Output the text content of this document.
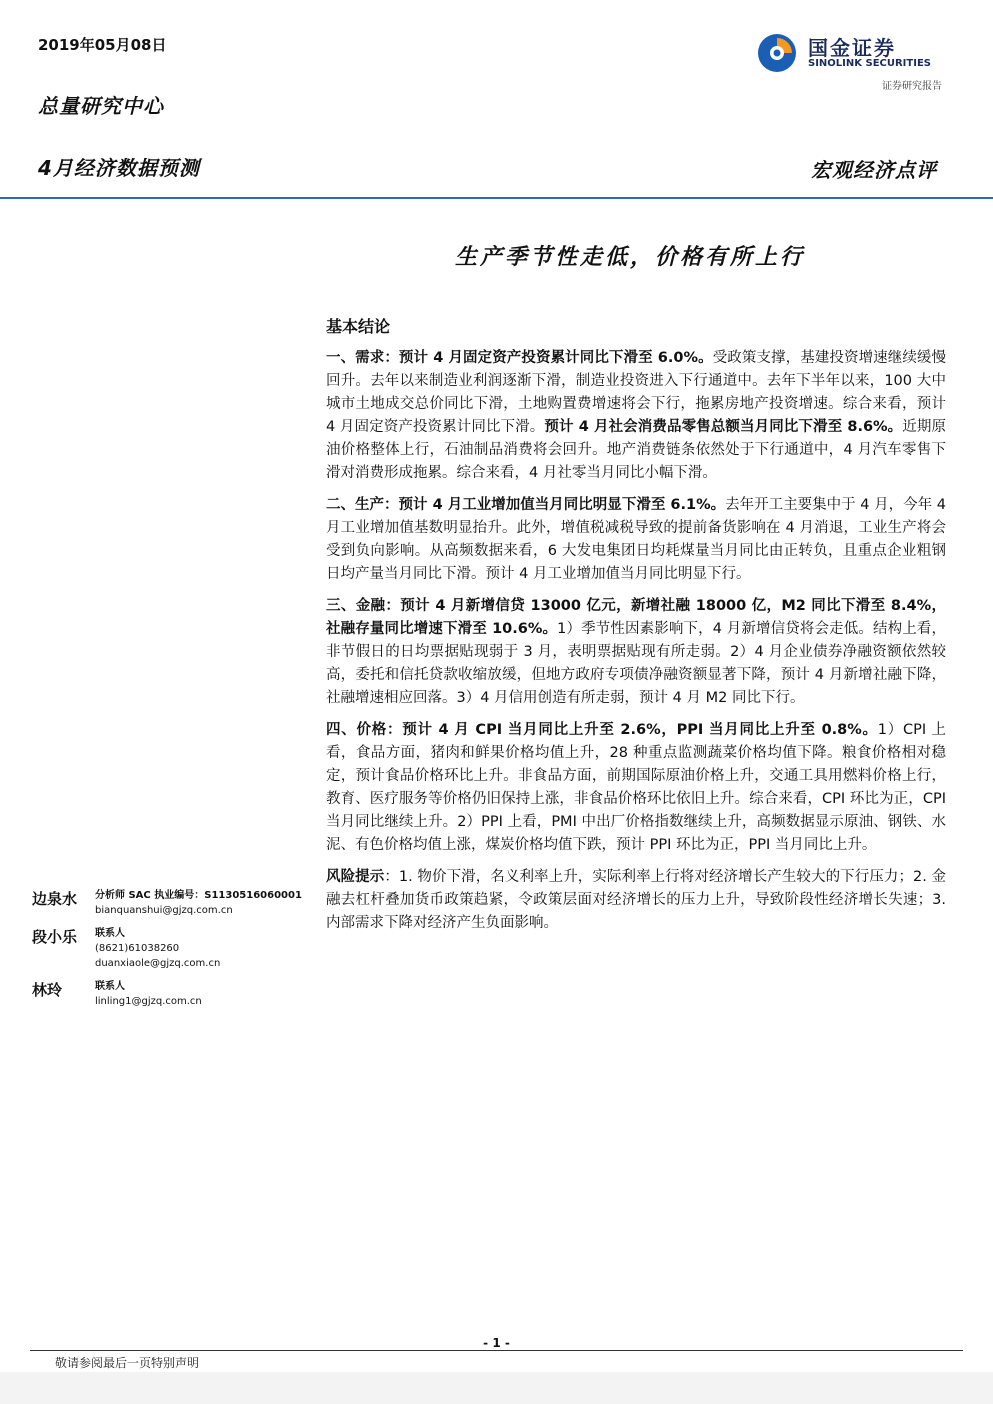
2019年05月08日
总量研究中心
4月经济数据预测	宏观经济点评
国金证券
SINOLINK SECURITIES
证券研究报告
生产季节性走低，价格有所上行
基本结论

一、需求：预计 4 月固定资产投资累计同比下滑至 6.0%。受政策支撑，基建投资增速继续缓慢回升。去年以来制造业利润逐渐下滑，制造业投资进入下行通道中。去年下半年以来，100 大中城市土地成交总价同比下滑，土地购置费增速将会下行，拖累房地产投资增速。综合来看，预计 4 月固定资产投资累计同比下滑。预计 4 月社会消费品零售总额当月同比下滑至 8.6%。近期原油价格整体上行，石油制品消费将会回升。地产消费链条依然处于下行通道中，4 月汽车零售下滑对消费形成拖累。综合来看，4 月社零当月同比小幅下滑。

二、生产：预计 4 月工业增加值当月同比明显下滑至 6.1%。去年开工主要集中于 4 月，今年 4 月工业增加值基数明显抬升。此外，增值税减税导致的提前备货影响在 4 月消退，工业生产将会受到负向影响。从高频数据来看，6 大发电集团日均耗煤量当月同比由正转负，且重点企业粗钢日均产量当月同比下滑。预计 4 月工业增加值当月同比明显下行。

三、金融：预计 4 月新增信贷 13000 亿元，新增社融 18000 亿，M2 同比下滑至 8.4%，社融存量同比增速下滑至 10.6%。1）季节性因素影响下，4 月新增信贷将会走低。结构上看，非节假日的日均票据贴现弱于 3 月，表明票据贴现有所走弱。2）4 月企业债券净融资额依然较高，委托和信托贷款收缩放缓，但地方政府专项债净融资额显著下降，预计 4 月新增社融下降，社融增速相应回落。3）4 月信用创造有所走弱，预计 4 月 M2 同比下行。

四、价格：预计 4 月 CPI 当月同比上升至 2.6%，PPI 当月同比上升至 0.8%。1）CPI 上看，食品方面，猪肉和鲜果价格均值上升，28 种重点监测蔬菜价格均值下降。粮食价格相对稳定，预计食品价格环比上升。非食品方面，前期国际原油价格上升，交通工具用燃料价格上行，教育、医疗服务等价格仍旧保持上涨，非食品价格环比依旧上升。综合来看，CPI 环比为正，CPI 当月同比继续上升。2）PPI 上看，PMI 中出厂价格指数继续上升，高频数据显示原油、钢铁、水泥、有色价格均值上涨，煤炭价格均值下跌，预计 PPI 环比为正，PPI 当月同比上升。

风险提示：1. 物价下滑，名义利率上升，实际利率上行将对经济增长产生较大的下行压力；2. 金融去杠杆叠加货币政策趋紧，令政策层面对经济增长的压力上升，导致阶段性经济增长失速；3. 内部需求下降对经济产生负面影响。

边泉水 分析师 SAC 执业编号：S1130516060001
bianquanshui@gjzq.com.cn
段小乐 联系人
(8621)61038260
duanxiaole@gjzq.com.cn
林玲	联系人
linling1@gjzq.com.cn
- 1 -
敬请参阅最后一页特别声明
